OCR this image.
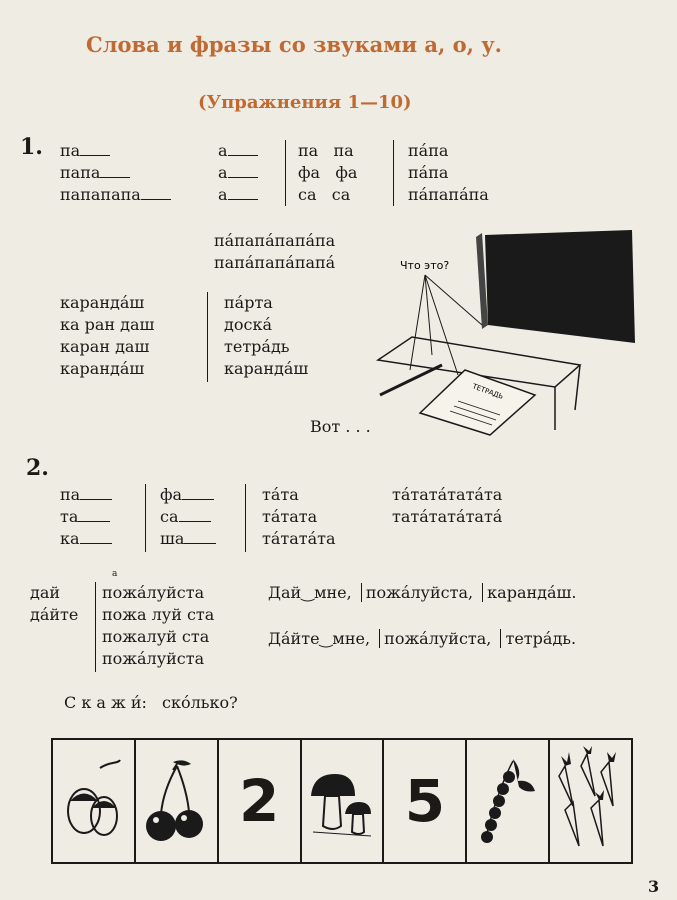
Слова и фразы со звуками а, о, у.
(Упражнения 1—10)
1. па
папа
папапапа
а
а
а
па   па
фа   фа
са   са
па́па
па́па
па́папа́па
па́папа́папа́па
папа́папа́папа́
каранда́ш
ка ран даш
каран даш
каранда́ш
па́рта
доска́
тетра́дь
каранда́ш
ТЕТРАДЬ
Что это?
Вот . . .
2.
па
та
ка
фа
са
ша
та́та
та́тата
та́тата́та
та́тата́тата́та
тата́тата́тата́
дай
да́йте
а
пожа́луйста
пожа луй ста
пожалуй ста
пожа́луйста
Дай‿мне, пожа́луйста, каранда́ш.
Да́йте‿мне, пожа́луйста, тетра́дь.
С к а ж и́: ско́лько?
2 5
3
